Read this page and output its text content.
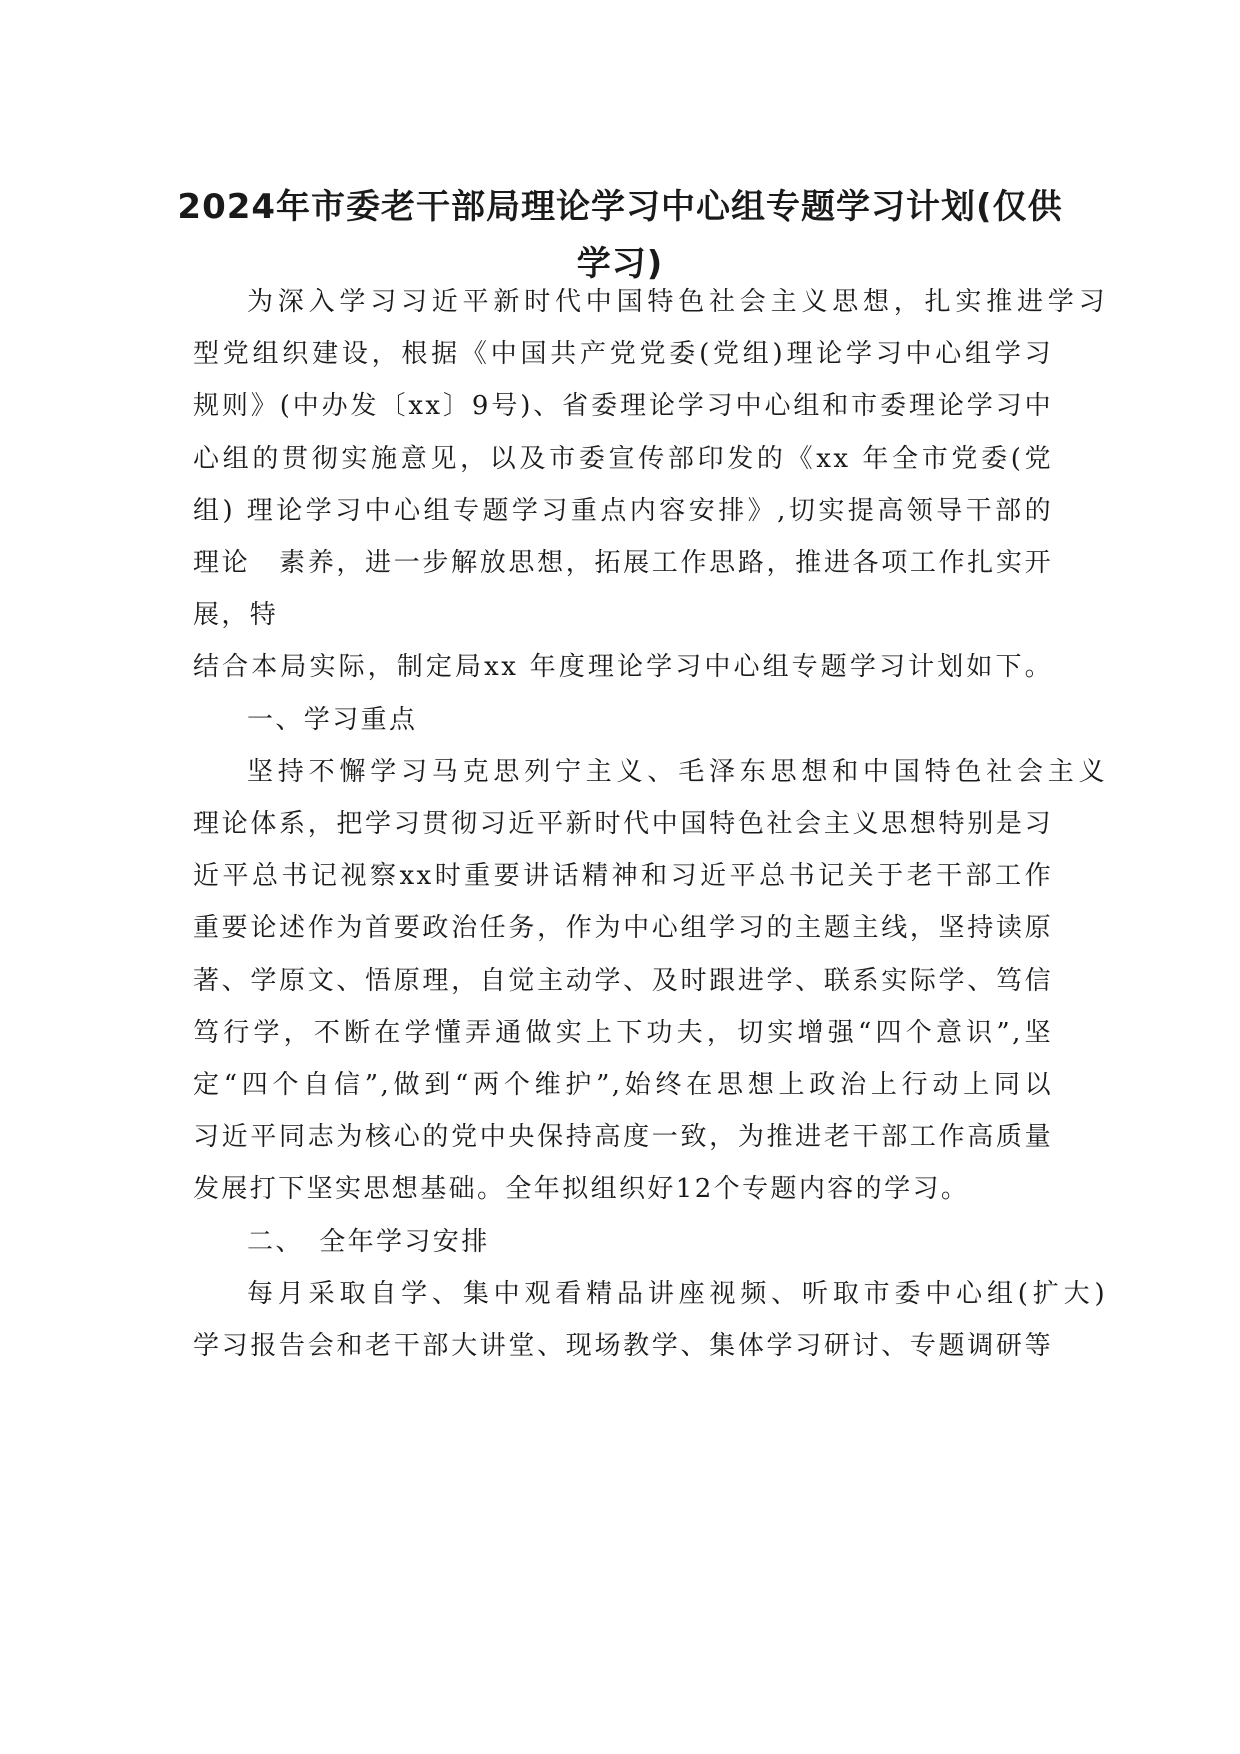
2024年市委老干部局理论学习中心组专题学习计划(仅供
学习)

为深入学习习近平新时代中国特色社会主义思想，扎实推进学习

型党组织建设，根据《中国共产党党委(党组)理论学习中心组学习

规则》(中办发〔xx〕9号)、省委理论学习中心组和市委理论学习中

心组的贯彻实施意见，以及市委宣传部印发的《xx 年全市党委(党

组) 理论学习中心组专题学习重点内容安排》,切实提高领导干部的

理论　素养，进一步解放思想，拓展工作思路，推进各项工作扎实开

展，特

结合本局实际，制定局xx 年度理论学习中心组专题学习计划如下。

一、学习重点

坚持不懈学习马克思列宁主义、毛泽东思想和中国特色社会主义

理论体系，把学习贯彻习近平新时代中国特色社会主义思想特别是习

近平总书记视察xx时重要讲话精神和习近平总书记关于老干部工作

重要论述作为首要政治任务，作为中心组学习的主题主线，坚持读原

著、学原文、悟原理，自觉主动学、及时跟进学、联系实际学、笃信

笃行学，不断在学懂弄通做实上下功夫，切实增强“四个意识”,坚

定“四个自信”,做到“两个维护”,始终在思想上政治上行动上同以

习近平同志为核心的党中央保持高度一致，为推进老干部工作高质量

发展打下坚实思想基础。全年拟组织好12个专题内容的学习。

二、　全年学习安排

每月采取自学、集中观看精品讲座视频、听取市委中心组(扩大)

学习报告会和老干部大讲堂、现场教学、集体学习研讨、专题调研等
